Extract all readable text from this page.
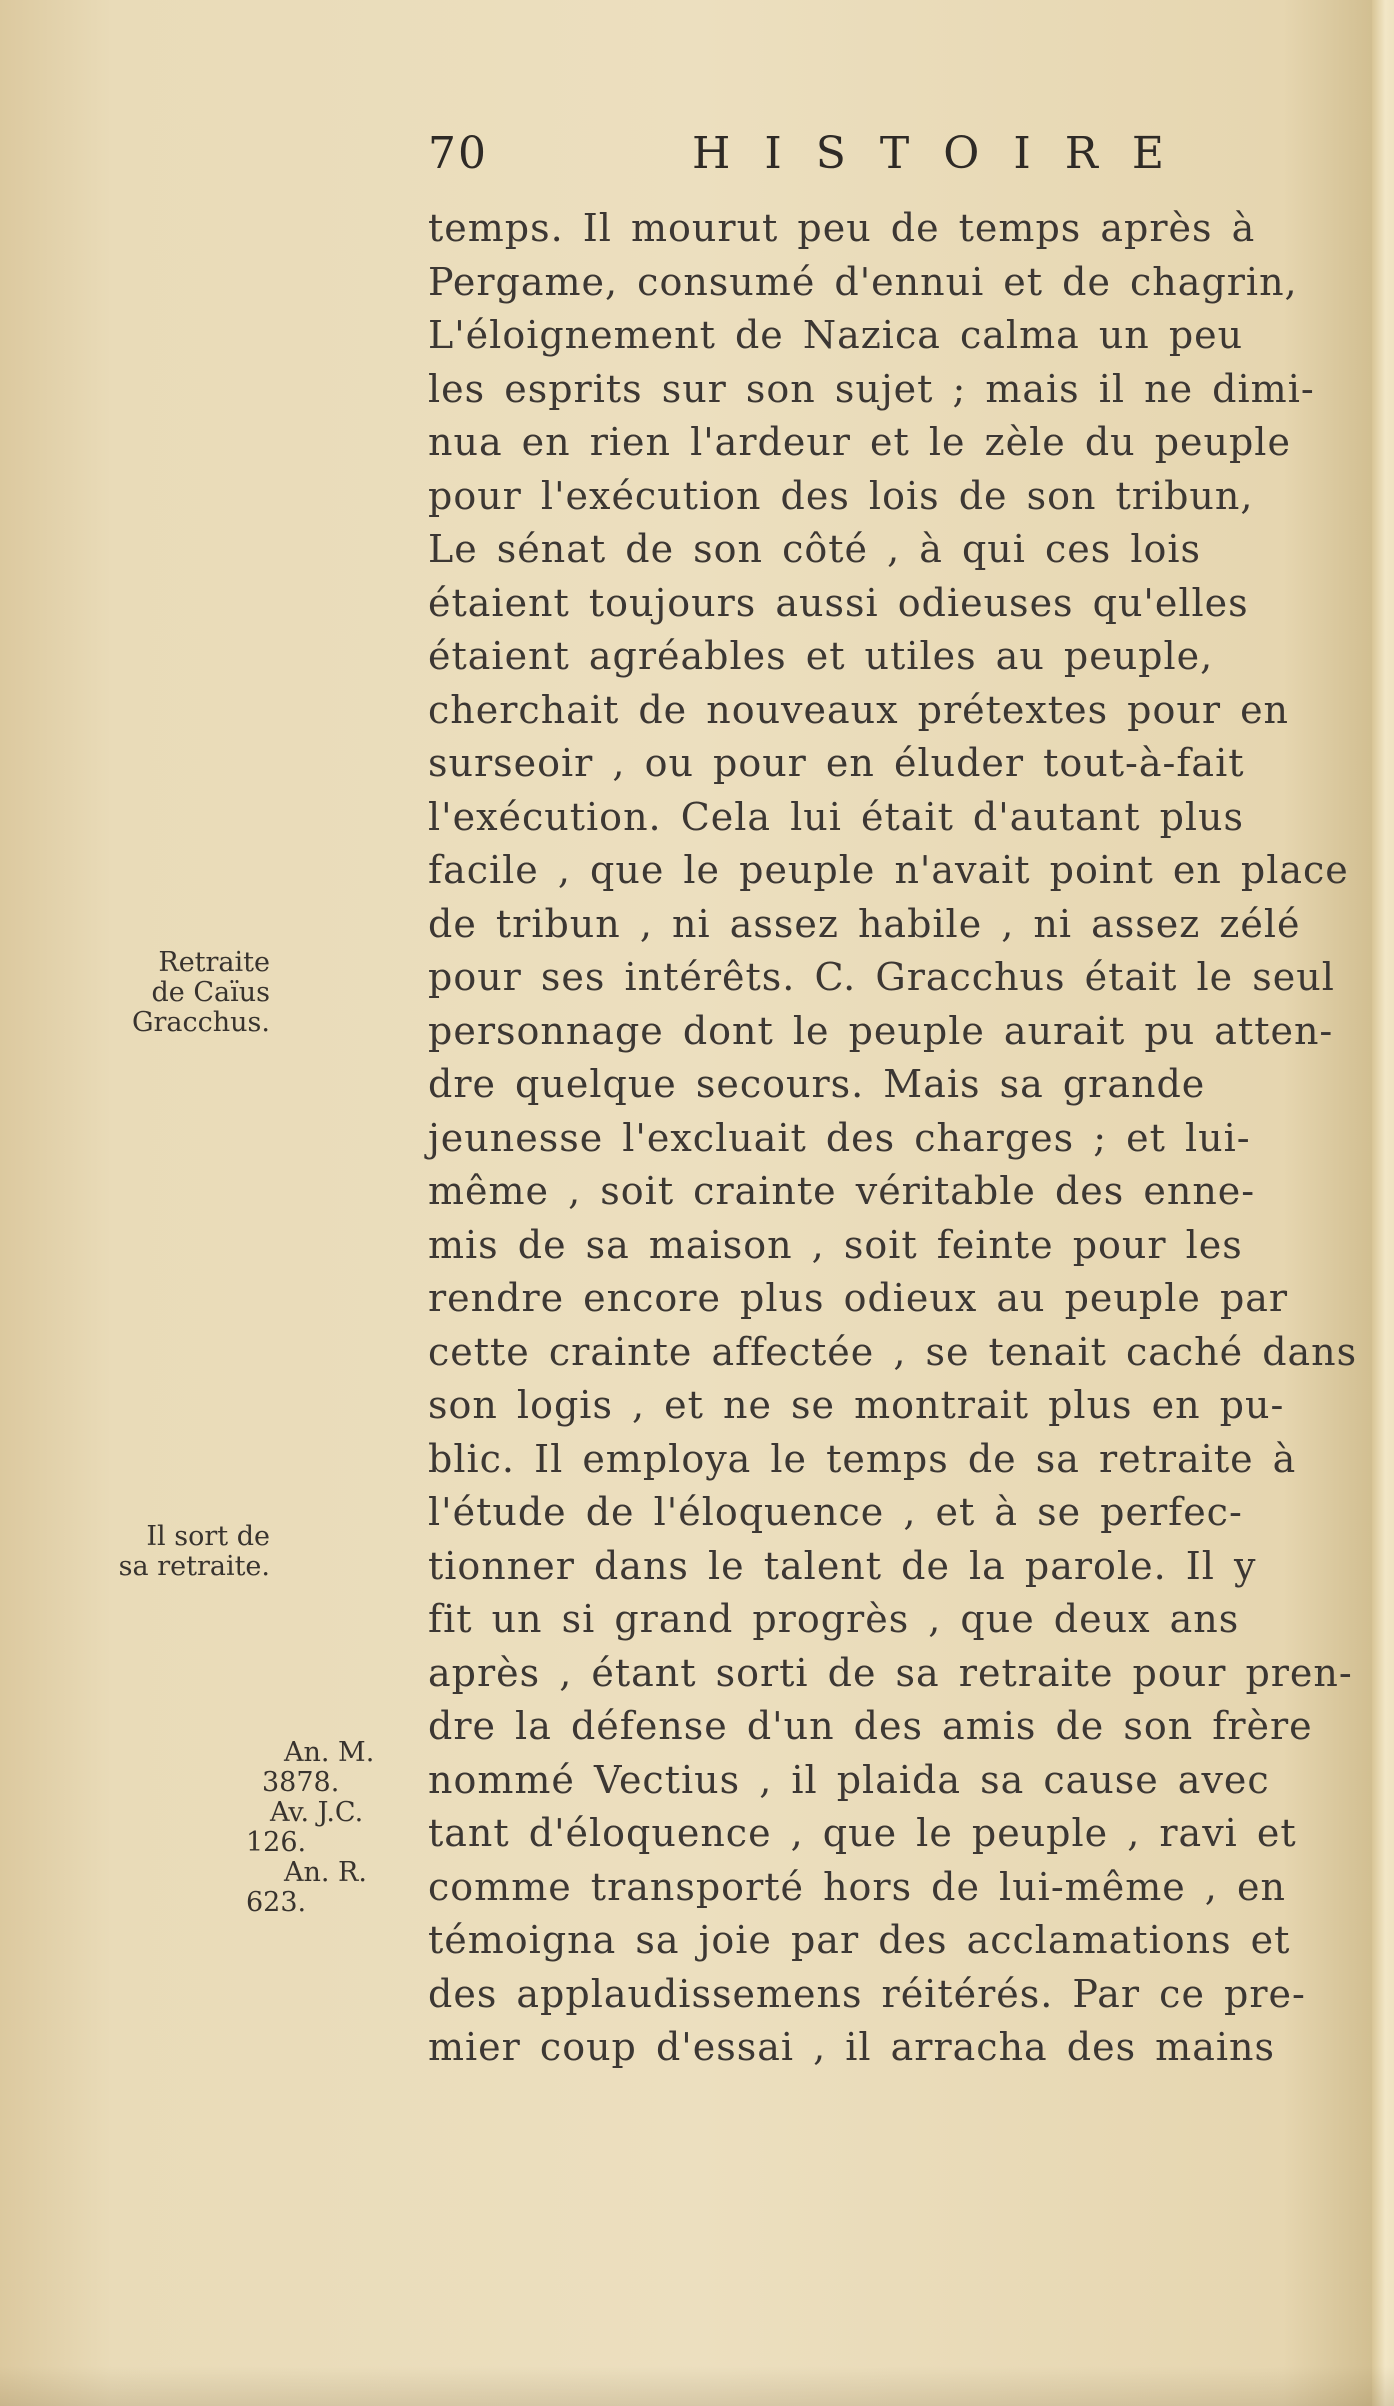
70	HISTOIRE
temps. Il mourut peu de temps après à
Pergame, consumé d'ennui et de chagrin,
L'éloignement de Nazica calma un peu
les esprits sur son sujet ; mais il ne dimi-
nua en rien l'ardeur et le zèle du peuple
pour l'exécution des lois de son tribun,
Le sénat de son côté , à qui ces lois
étaient toujours aussi odieuses qu'elles
étaient agréables et utiles au peuple,
cherchait de nouveaux prétextes pour en
surseoir , ou pour en éluder tout-à-fait
l'exécution. Cela lui était d'autant plus
facile , que le peuple n'avait point en place
de tribun , ni assez habile , ni assez zélé
pour ses intérêts. C. Gracchus était le seul
personnage dont le peuple aurait pu atten-
dre quelque secours. Mais sa grande
jeunesse l'excluait des charges ; et lui-
même , soit crainte véritable des enne-
mis de sa maison , soit feinte pour les
rendre encore plus odieux au peuple par
cette crainte affectée , se tenait caché dans
son logis , et ne se montrait plus en pu-
blic. Il employa le temps de sa retraite à
l'étude de l'éloquence , et à se perfec-
tionner dans le talent de la parole. Il y
fit un si grand progrès , que deux ans
après , étant sorti de sa retraite pour pren-
dre la défense d'un des amis de son frère
nommé Vectius , il plaida sa cause avec
tant d'éloquence , que le peuple , ravi et
comme transporté hors de lui-même , en
témoigna sa joie par des acclamations et
des applaudissemens réitérés. Par ce pre-
mier coup d'essai , il arracha des mains
Retraite
de Caïus
Gracchus.
Il sort de
sa retraite.
An. M.
3878.
Av. J.C.
126.
An. R.
623.
